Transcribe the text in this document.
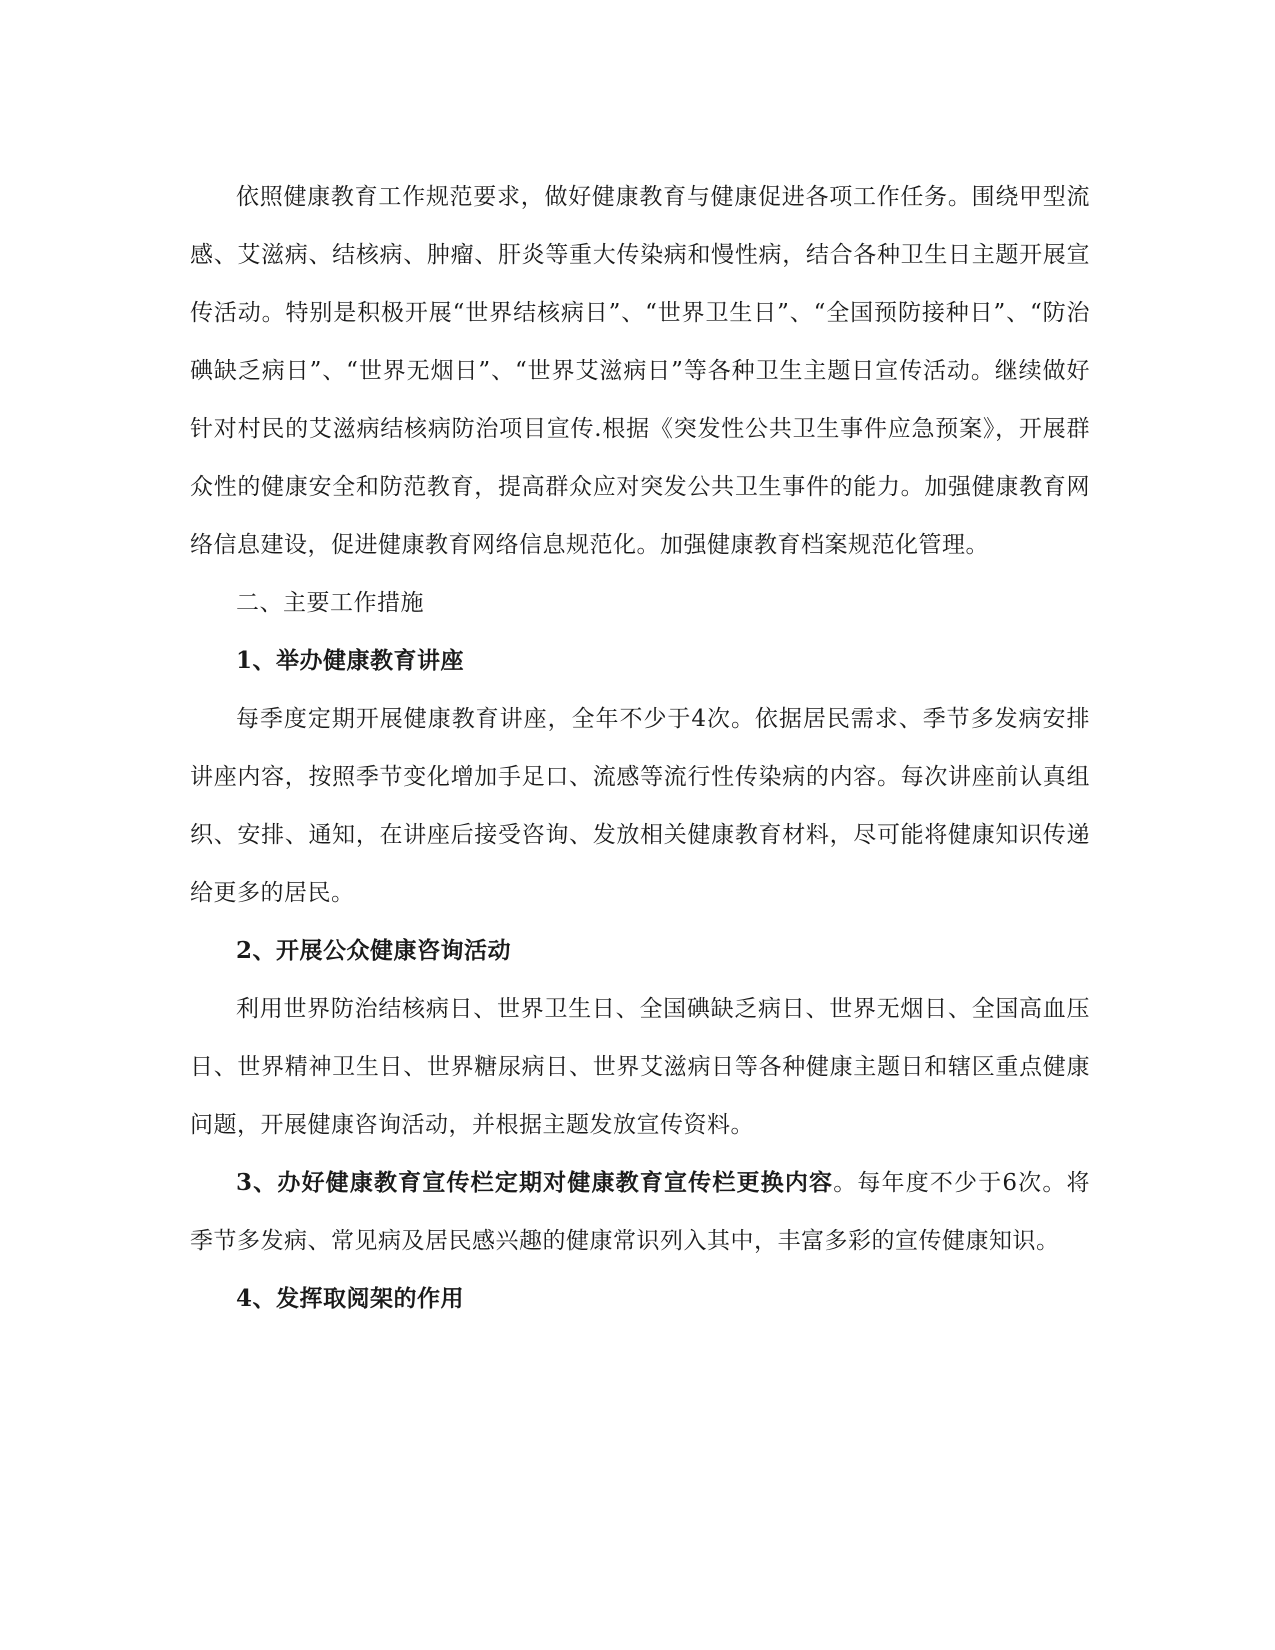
依照健康教育工作规范要求，做好健康教育与健康促进各项工作任务。围绕甲型流感、艾滋病、结核病、肿瘤、肝炎等重大传染病和慢性病，结合各种卫生日主题开展宣传活动。特别是积极开展“世界结核病日”、“世界卫生日”、“全国预防接种日”、“防治碘缺乏病日”、“世界无烟日”、“世界艾滋病日”等各种卫生主题日宣传活动。继续做好针对村民的艾滋病结核病防治项目宣传.根据《突发性公共卫生事件应急预案》，开展群众性的健康安全和防范教育，提高群众应对突发公共卫生事件的能力。加强健康教育网络信息建设，促进健康教育网络信息规范化。加强健康教育档案规范化管理。

二、主要工作措施

1、举办健康教育讲座

每季度定期开展健康教育讲座，全年不少于4次。依据居民需求、季节多发病安排讲座内容，按照季节变化增加手足口、流感等流行性传染病的内容。每次讲座前认真组织、安排、通知，在讲座后接受咨询、发放相关健康教育材料，尽可能将健康知识传递给更多的居民。

2、开展公众健康咨询活动

利用世界防治结核病日、世界卫生日、全国碘缺乏病日、世界无烟日、全国高血压日、世界精神卫生日、世界糖尿病日、世界艾滋病日等各种健康主题日和辖区重点健康问题，开展健康咨询活动，并根据主题发放宣传资料。

3、办好健康教育宣传栏定期对健康教育宣传栏更换内容。每年度不少于6次。将季节多发病、常见病及居民感兴趣的健康常识列入其中，丰富多彩的宣传健康知识。

4、发挥取阅架的作用
